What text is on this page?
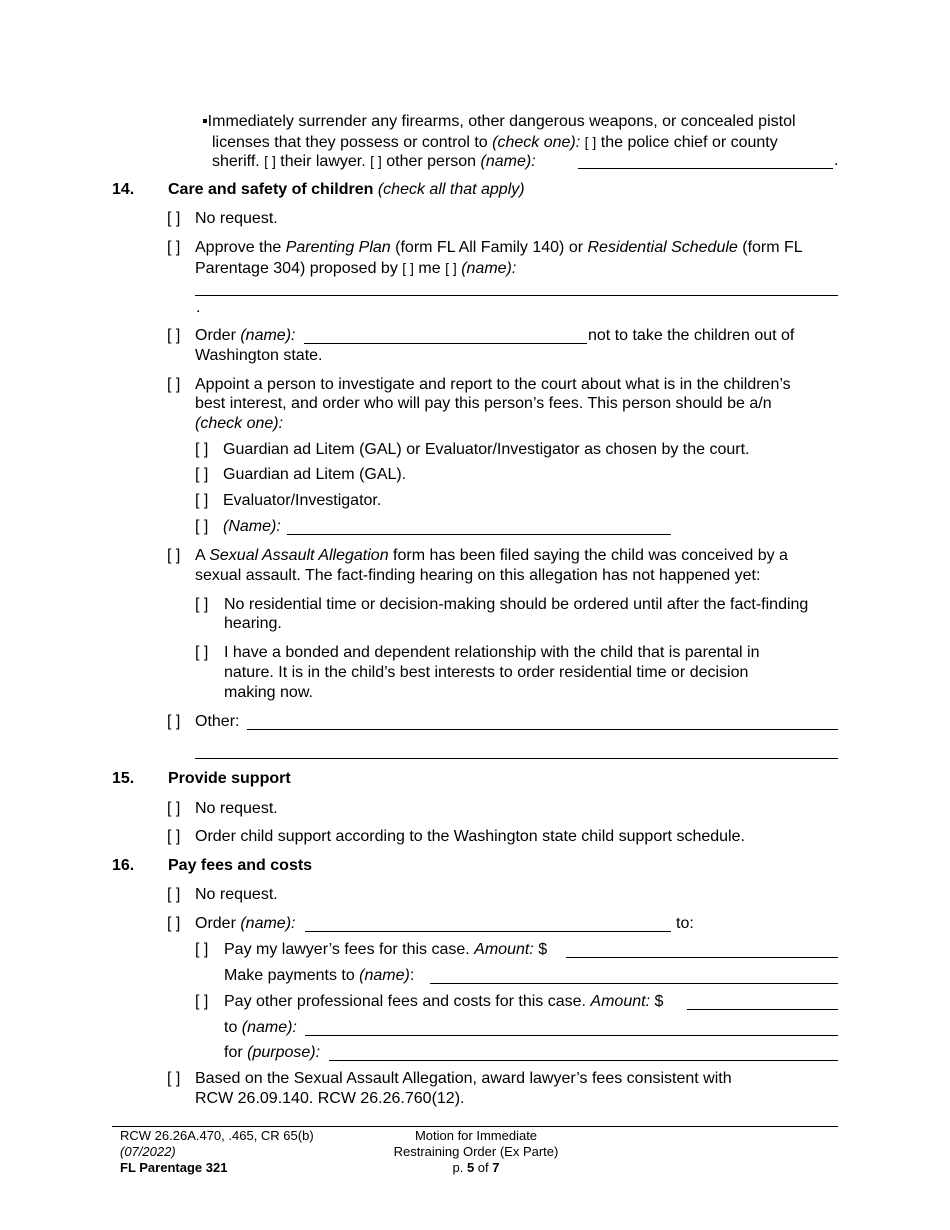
▪Immediately surrender any firearms, other dangerous weapons, or concealed pistol
licenses that they possess or control to (check one): [ ] the police chief or county
sheriff. [ ] their lawyer. [ ] other person (name):	.
14. Care and safety of children (check all that apply)
[ ] No request.
[ ] Approve the Parenting Plan (form FL All Family 140) or Residential Schedule (form FL
Parentage 304) proposed by [ ] me [ ] (name):
.
[ ] Order (name):	not to take the children out of
Washington state.
[ ] Appoint a person to investigate and report to the court about what is in the children’s
best interest, and order who will pay this person’s fees. This person should be a/n
(check one):
[ ] Guardian ad Litem (GAL) or Evaluator/Investigator as chosen by the court.
[ ] Guardian ad Litem (GAL).
[ ] Evaluator/Investigator.
[ ] (Name):
[ ] A Sexual Assault Allegation form has been filed saying the child was conceived by a
sexual assault. The fact-finding hearing on this allegation has not happened yet:
[ ] No residential time or decision-making should be ordered until after the fact-finding
hearing.
[ ] I have a bonded and dependent relationship with the child that is parental in
nature. It is in the child’s best interests to order residential time or decision
making now.
[ ] Other:
15. Provide support
[ ] No request.
[ ] Order child support according to the Washington state child support schedule.
16. Pay fees and costs
[ ] No request.
[ ] Order (name):	to:
[ ] Pay my lawyer’s fees for this case. Amount: $
Make payments to (name):
[ ] Pay other professional fees and costs for this case. Amount: $
to (name):
for (purpose):
[ ] Based on the Sexual Assault Allegation, award lawyer’s fees consistent with
RCW 26.09.140. RCW 26.26.760(12).
RCW 26.26A.470, .465, CR 65(b)
(07/2022)
FL Parentage 321
Motion for Immediate
Restraining Order (Ex Parte)
p. 5 of 7
